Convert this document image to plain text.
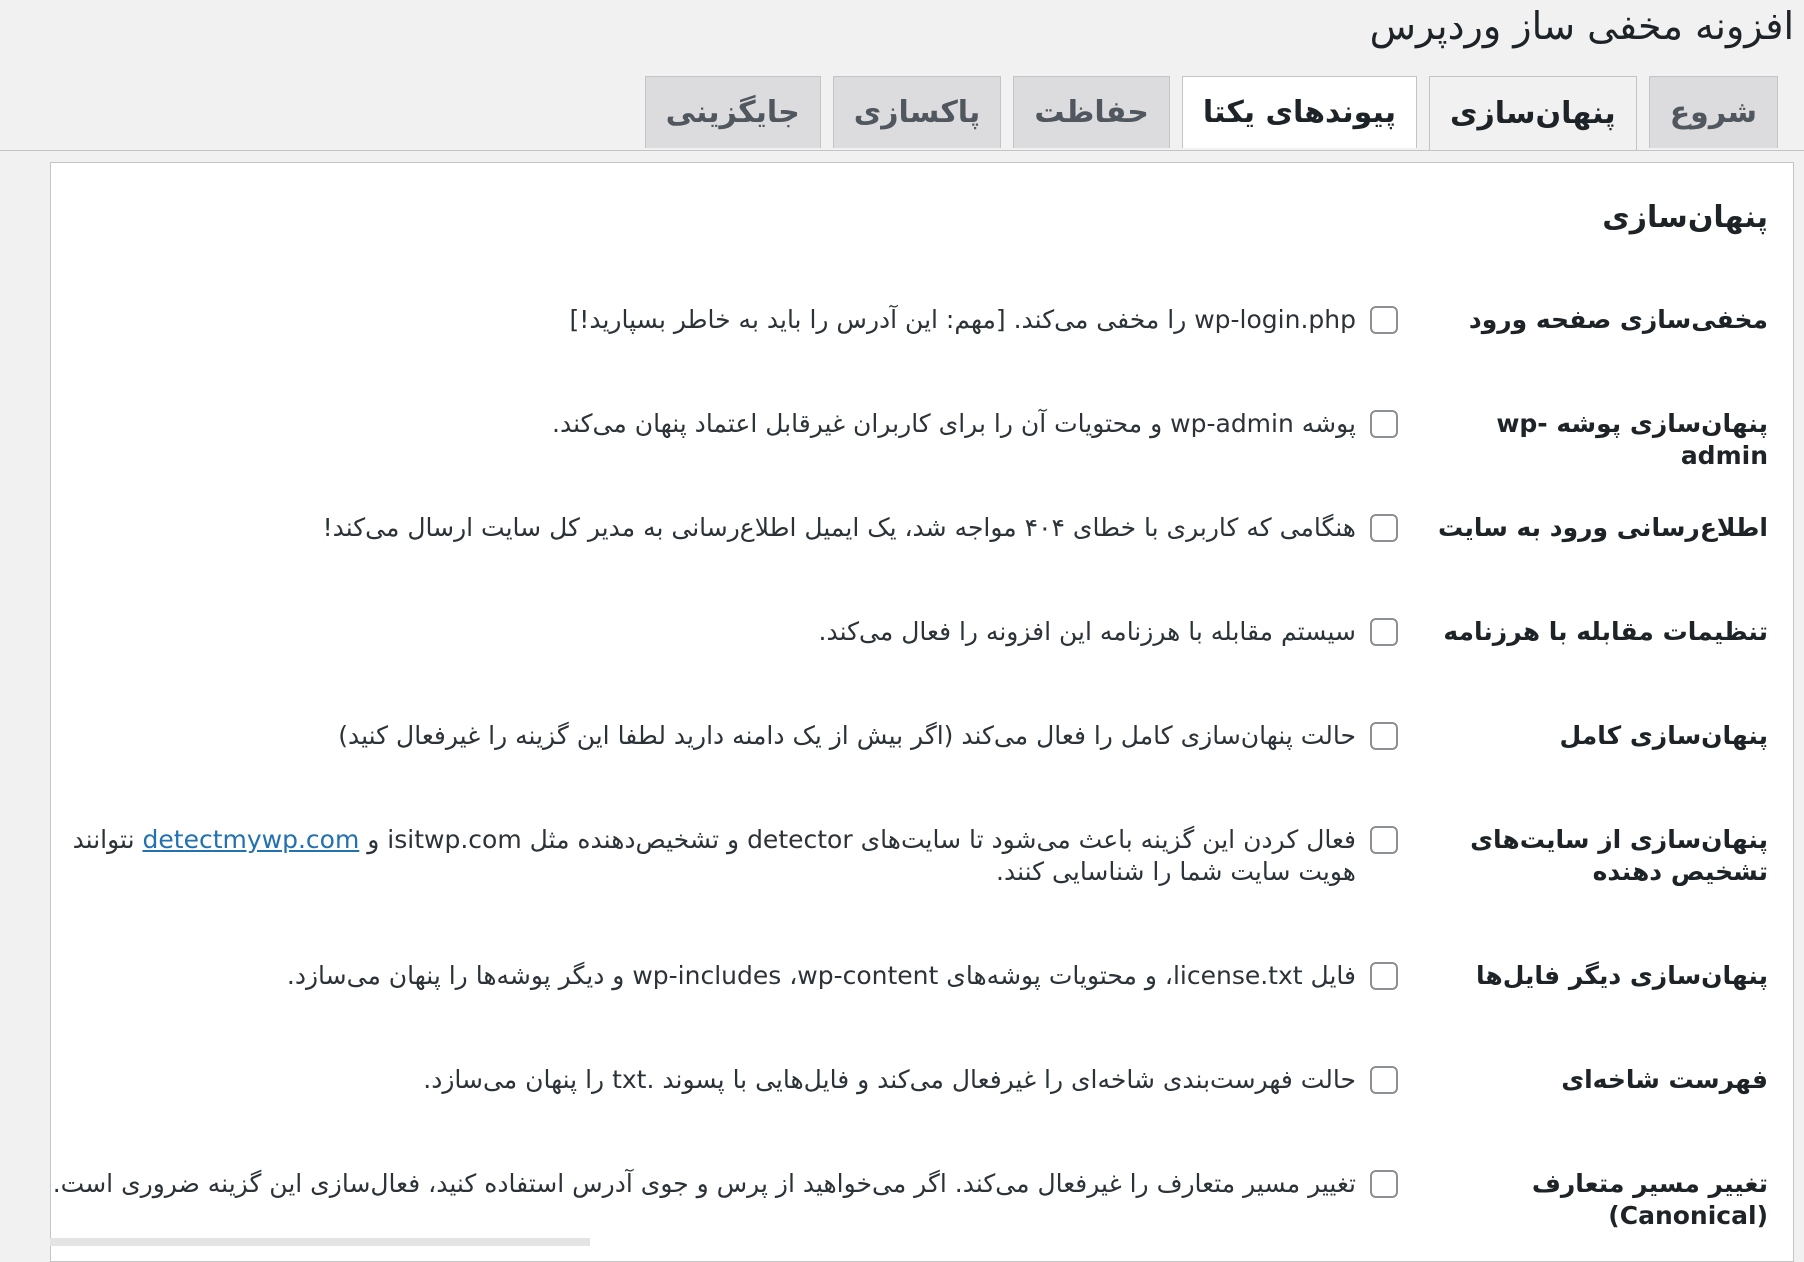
افزونه مخفی ساز وردپرس
شروع
پنهان‌سازی
پیوندهای یکتا
حفاظت
پاکسازی
جایگزینی
پنهان‌سازی
مخفی‌سازی صفحه ورود
wp-login.php را مخفی می‌کند. [مهم: این آدرس را باید به خاطر بسپارید!]
پنهان‌سازی پوشه wp-admin
پوشه wp-admin و محتویات آن را برای کاربران غیرقابل اعتماد پنهان می‌کند.
اطلاع‌رسانی ورود به سایت
هنگامی که کاربری با خطای ۴۰۴ مواجه شد، یک ایمیل اطلاع‌رسانی به مدیر کل سایت ارسال می‌کند!
تنظیمات مقابله با هرزنامه
سیستم مقابله با هرزنامه این افزونه را فعال می‌کند.
پنهان‌سازی کامل
حالت پنهان‌سازی کامل را فعال می‌کند (اگر بیش از یک دامنه دارید لطفا این گزینه را غیرفعال کنید)
پنهان‌سازی از سایت‌های تشخیص دهنده
فعال کردن این گزینه باعث می‌شود تا سایت‌های detector و تشخیص‌دهنده مثل isitwp.com و detectmywp.com نتوانند هویت سایت شما را شناسایی کنند.
پنهان‌سازی دیگر فایل‌ها
فایل license.txt، و محتویات پوشه‌های wp-includes ،wp-content و دیگر پوشه‌ها را پنهان می‌سازد.
فهرست شاخه‌ای
حالت فهرست‌بندی شاخه‌ای را غیرفعال می‌کند و فایل‌هایی با پسوند .txt را پنهان می‌سازد.
تغییر مسیر متعارف (Canonical)
تغییر مسیر متعارف را غیرفعال می‌کند. اگر می‌خواهید از پرس و جوی آدرس استفاده کنید، فعال‌سازی این گزینه ضروری است.
